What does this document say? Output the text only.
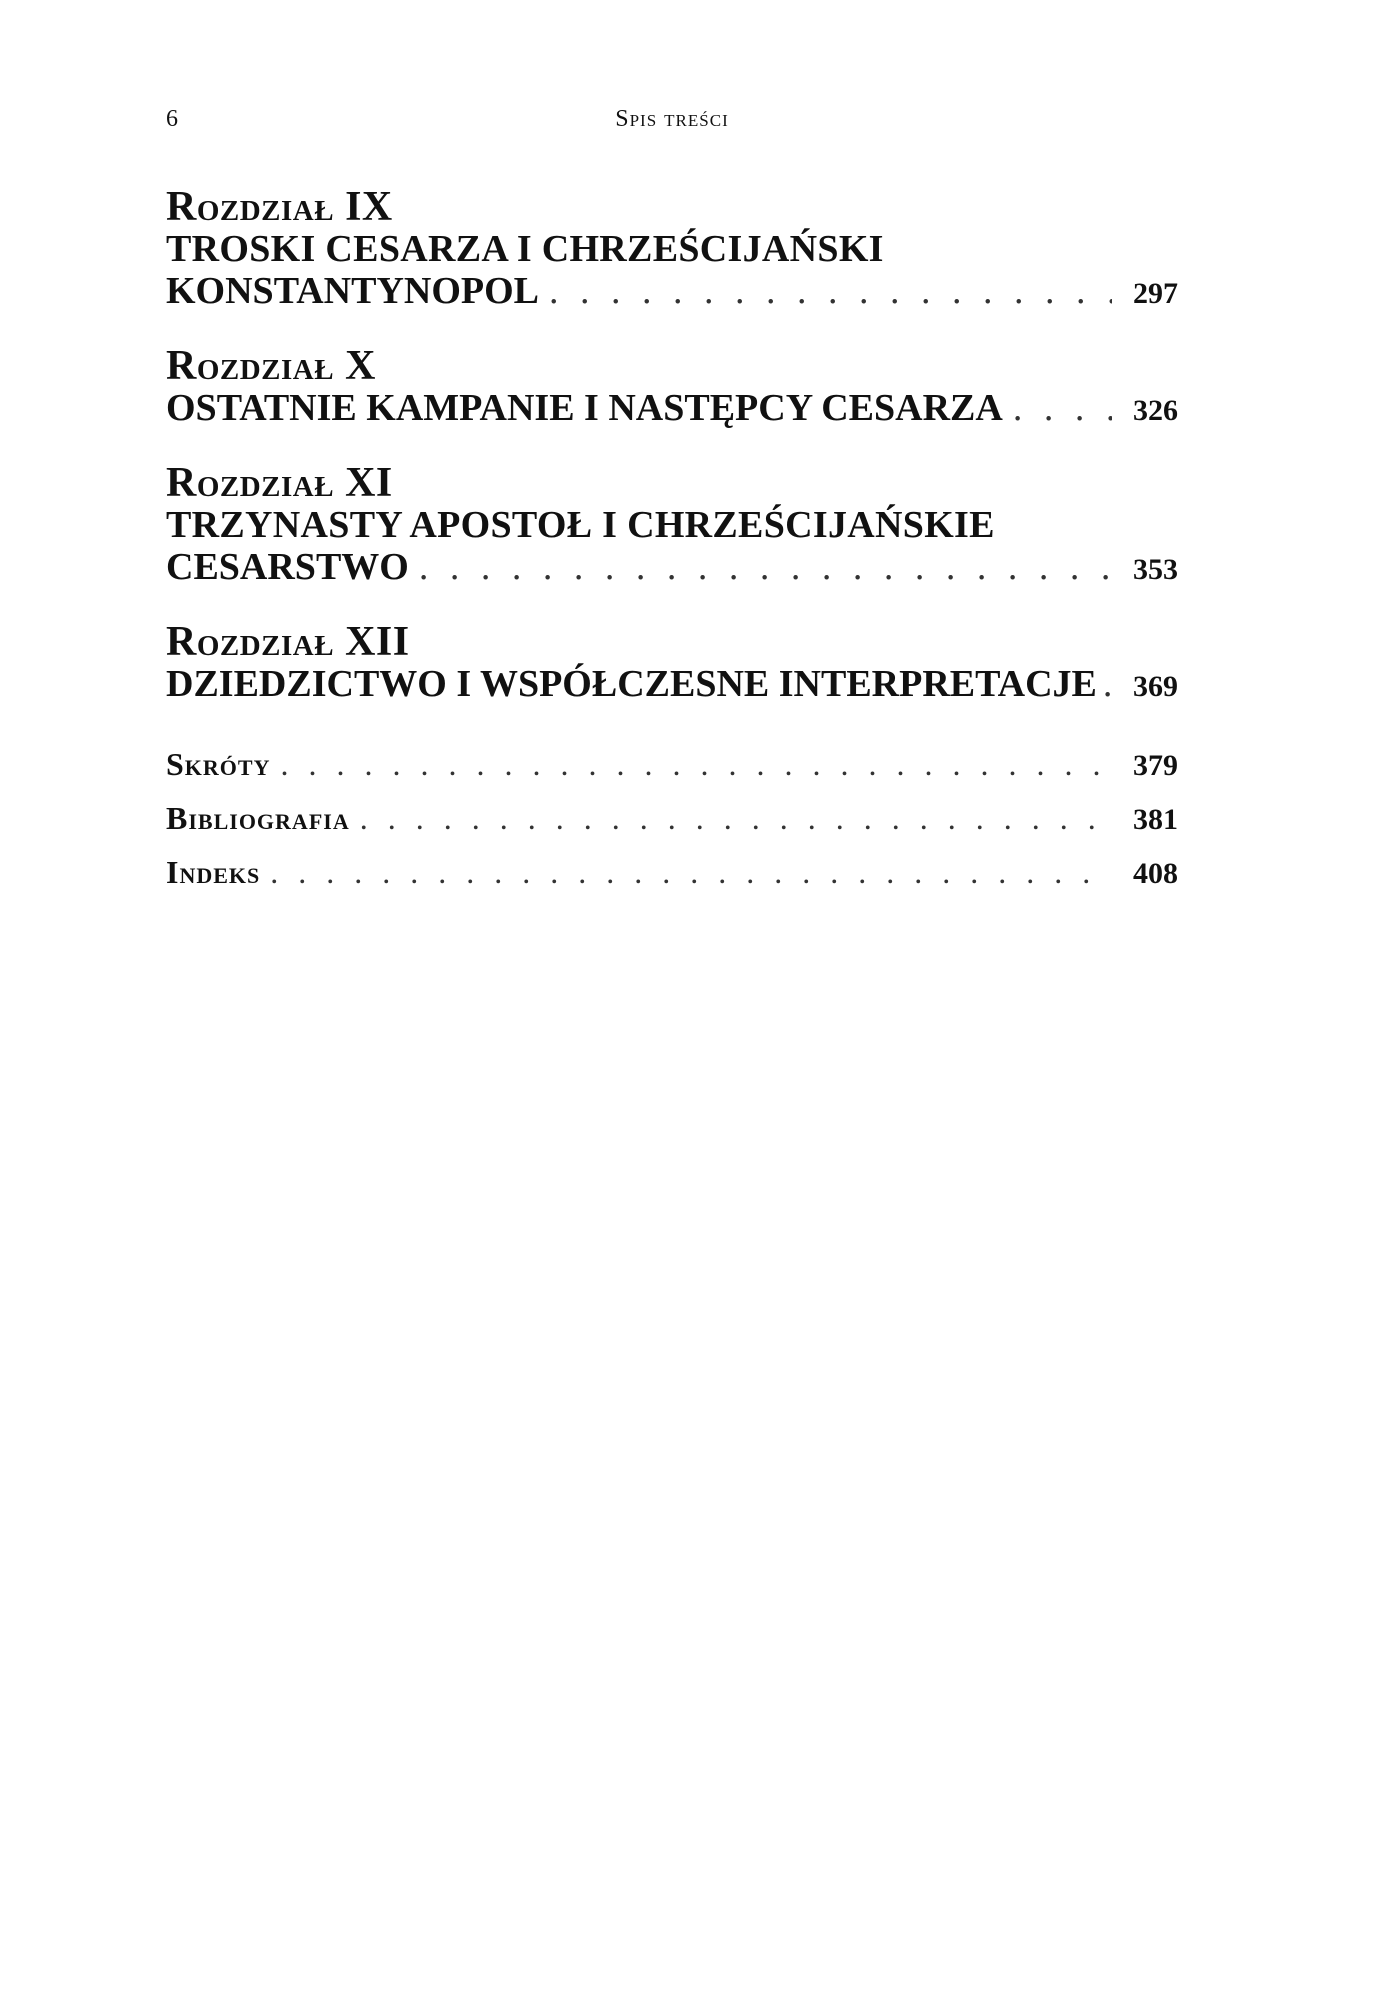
6	Spis treści
Rozdział IX
TROSKI CESARZA I CHRZEŚCIJAŃSKI
KONSTANTYNOPOL . . .	297
Rozdział X
OSTATNIE KAMPANIE I NASTĘPCY CESARZA . . .	326
Rozdział XI
TRZYNASTY APOSTOŁ I CHRZEŚCIJAŃSKIE
CESARSTWO . . .	353
Rozdział XII
DZIEDZICTWO I WSPÓŁCZESNE INTERPRETACJE . . . 369
Skróty . . .	379
Bibliografia . . .	381
Indeks . . .	408
